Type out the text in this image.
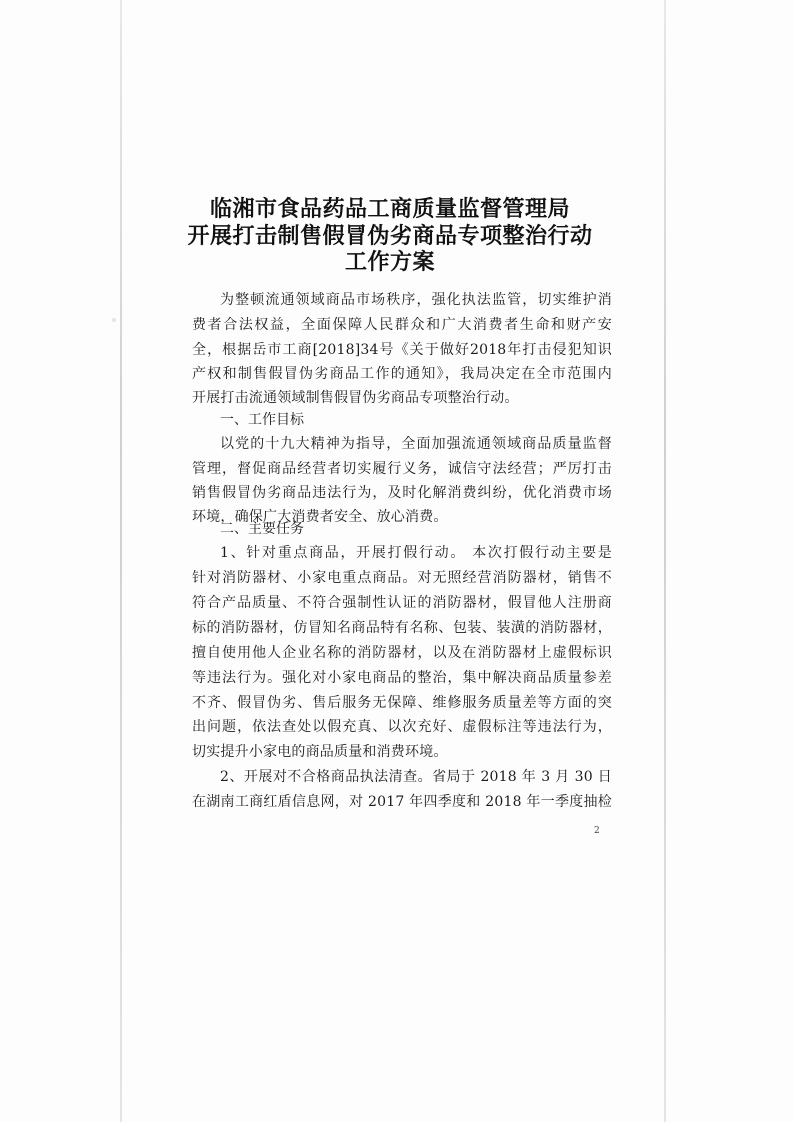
临湘市食品药品工商质量监督管理局
开展打击制售假冒伪劣商品专项整治行动
工作方案
为整顿流通领域商品市场秩序，强化执法监管，切实维护消
费者合法权益，全面保障人民群众和广大消费者生命和财产安
全，根据岳市工商[2018]34号《关于做好2018年打击侵犯知识
产权和制售假冒伪劣商品工作的通知》，我局决定在全市范围内
开展打击流通领域制售假冒伪劣商品专项整治行动。
一、工作目标
以党的十九大精神为指导，全面加强流通领域商品质量监督
管理，督促商品经营者切实履行义务，诚信守法经营；严厉打击
销售假冒伪劣商品违法行为，及时化解消费纠纷，优化消费市场
环境，确保广大消费者安全、放心消费。
二、主要任务
1、针对重点商品，开展打假行动。 本次打假行动主要是
针对消防器材、小家电重点商品。对无照经营消防器材，销售不
符合产品质量、不符合强制性认证的消防器材，假冒他人注册商
标的消防器材，仿冒知名商品特有名称、包装、装潢的消防器材，
擅自使用他人企业名称的消防器材，以及在消防器材上虚假标识
等违法行为。强化对小家电商品的整治，集中解决商品质量参差
不齐、假冒伪劣、售后服务无保障、维修服务质量差等方面的突
出问题，依法查处以假充真、以次充好、虚假标注等违法行为，
切实提升小家电的商品质量和消费环境。
2、开展对不合格商品执法清查。省局于 2018 年 3 月 30 日
在湖南工商红盾信息网，对 2017 年四季度和 2018 年一季度抽检
2
